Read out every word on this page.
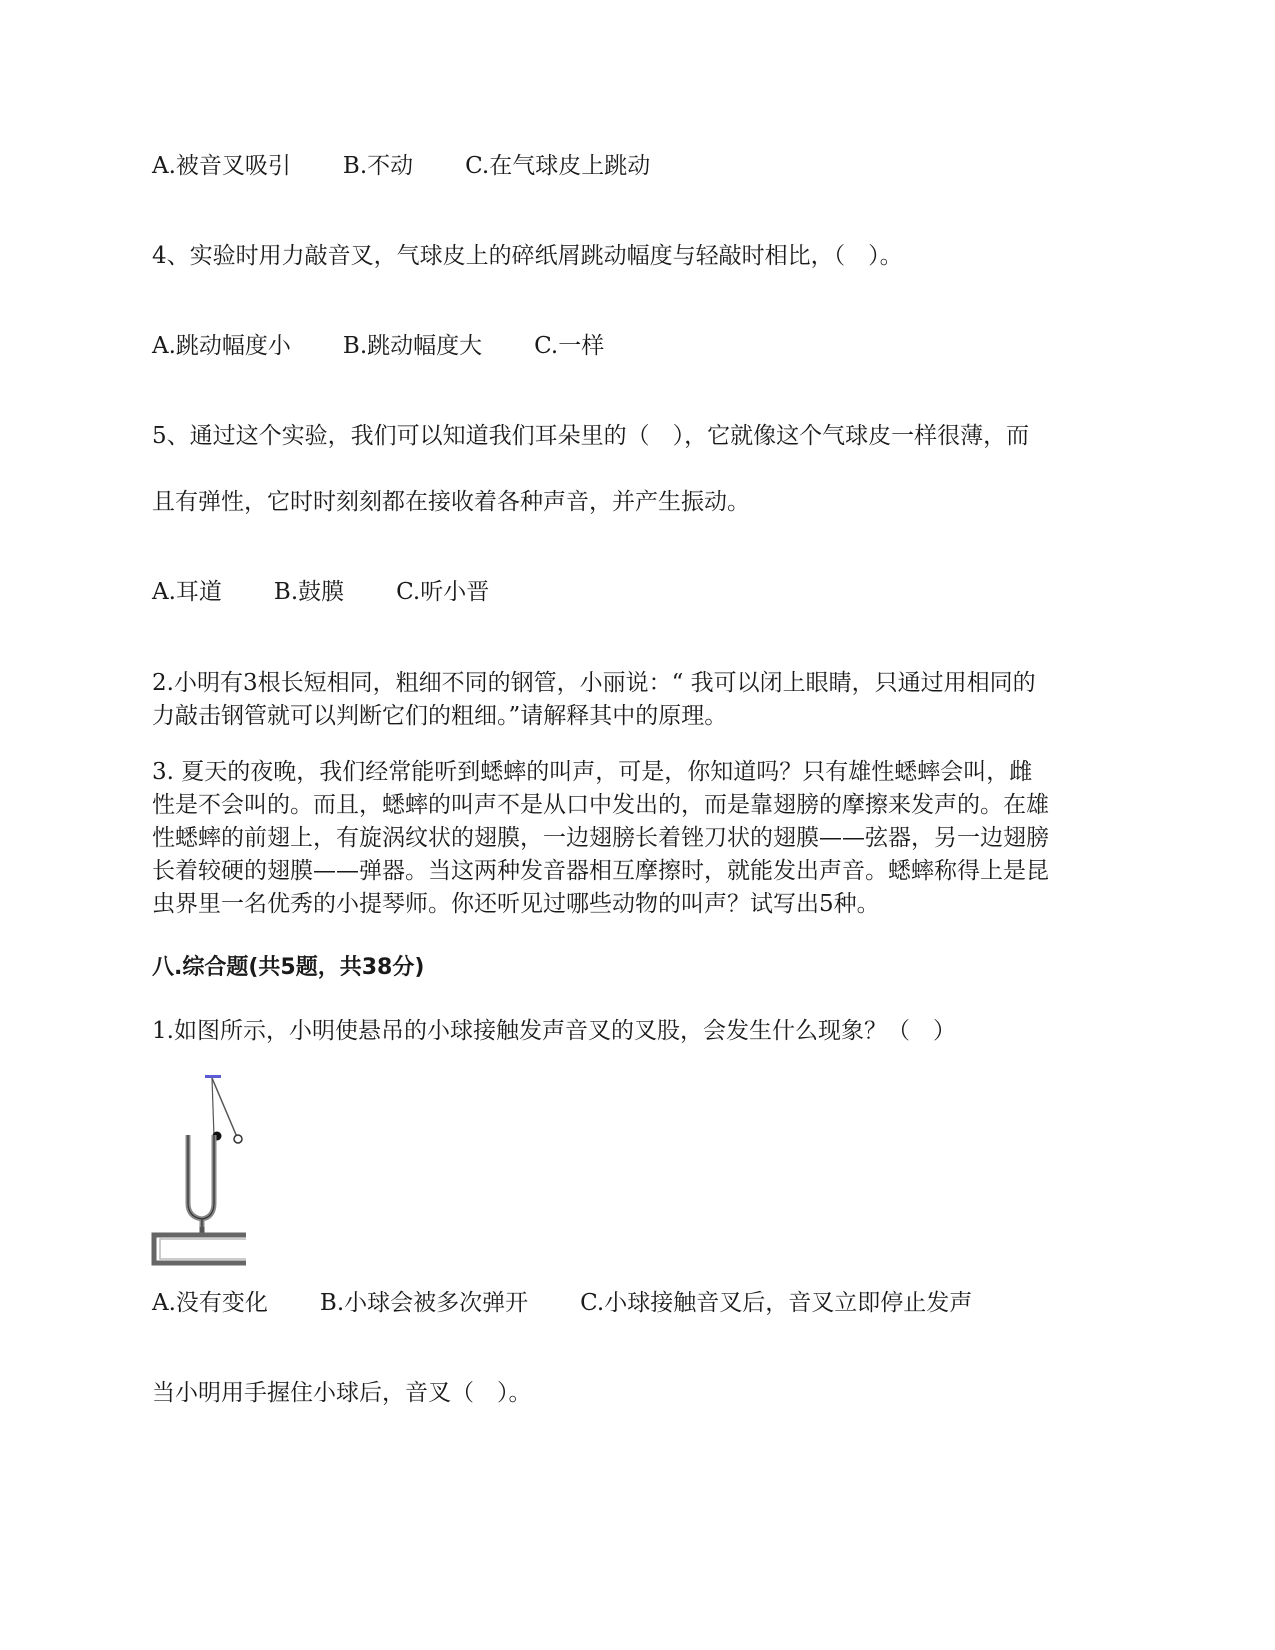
A.被音叉吸引 B.不动 C.在气球皮上跳动

4、实验时用力敲音叉，气球皮上的碎纸屑跳动幅度与轻敲时相比，（　）。

A.跳动幅度小 B.跳动幅度大 C.一样

5、通过这个实验，我们可以知道我们耳朵里的（　），它就像这个气球皮一样很薄，而

且有弹性，它时时刻刻都在接收着各种声音，并产生振动。

A.耳道 B.鼓膜 C.听小晋

2.小明有3根长短相同，粗细不同的钢管，小丽说：“ 我可以闭上眼睛，只通过用相同的

力敲击钢管就可以判断它们的粗细。”请解释其中的原理。

3. 夏天的夜晚，我们经常能听到蟋蟀的叫声，可是，你知道吗？只有雄性蟋蟀会叫，雌

性是不会叫的。而且，蟋蟀的叫声不是从口中发出的，而是靠翅膀的摩擦来发声的。在雄

性蟋蟀的前翅上，有旋涡纹状的翅膜，一边翅膀长着锉刀状的翅膜——弦器，另一边翅膀

长着较硬的翅膜——弹器。当这两种发音器相互摩擦时，就能发出声音。蟋蟀称得上是昆

虫界里一名优秀的小提琴师。你还听见过哪些动物的叫声？试写出5种。

八.综合题(共5题，共38分)

1.如图所示，小明使悬吊的小球接触发声音叉的叉股，会发生什么现象？（　）

A.没有变化 B.小球会被多次弹开 C.小球接触音叉后，音叉立即停止发声

当小明用手握住小球后，音叉（　）。
